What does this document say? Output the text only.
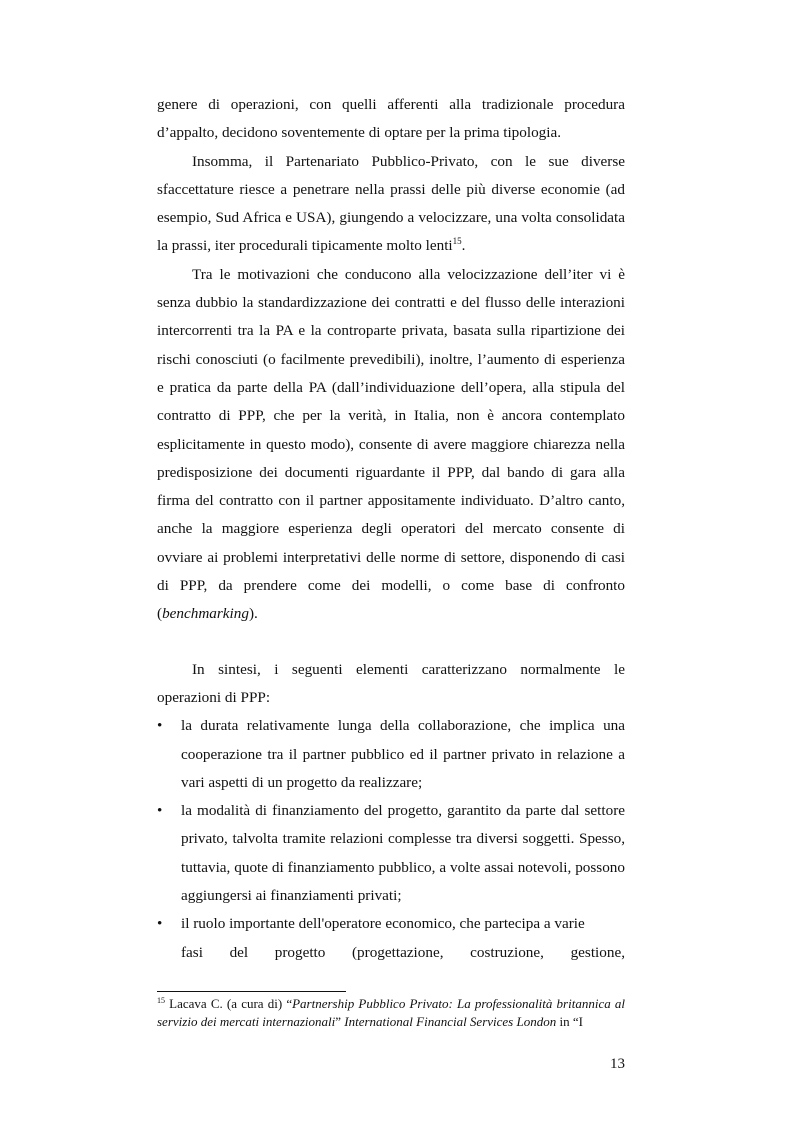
genere di operazioni, con quelli afferenti alla tradizionale procedura d’appalto, decidono soventemente di optare per la prima tipologia.

Insomma, il Partenariato Pubblico-Privato, con le sue diverse sfaccettature riesce a penetrare nella prassi delle più diverse economie (ad esempio, Sud Africa e USA), giungendo a velocizzare, una volta consolidata la prassi, iter procedurali tipicamente molto lenti$^{15}$.

Tra le motivazioni che conducono alla velocizzazione dell’iter vi è senza dubbio la standardizzazione dei contratti e del flusso delle interazioni intercorrenti tra la PA e la controparte privata, basata sulla ripartizione dei rischi conosciuti (o facilmente prevedibili), inoltre, l’aumento di esperienza e pratica da parte della PA (dall’individuazione dell’opera, alla stipula del contratto di PPP, che per la verità, in Italia, non è ancora contemplato esplicitamente in questo modo), consente di avere maggiore chiarezza nella predisposizione dei documenti riguardante il PPP, dal bando di gara alla firma del contratto con il partner appositamente individuato. D’altro canto, anche la maggiore esperienza degli operatori del mercato consente di ovviare ai problemi interpretativi delle norme di settore, disponendo di casi di PPP, da prendere come dei modelli, o come base di confronto (benchmarking).

In sintesi, i seguenti elementi caratterizzano normalmente le operazioni di PPP:

•	la durata relativamente lunga della collaborazione, che implica una cooperazione tra il partner pubblico ed il partner privato in relazione a vari aspetti di un progetto da realizzare;
•	la modalità di finanziamento del progetto, garantito da parte dal settore privato, talvolta tramite relazioni complesse tra diversi soggetti. Spesso, tuttavia, quote di finanziamento pubblico, a volte assai notevoli, possono aggiungersi ai finanziamenti privati;
•	il ruolo importante dell'operatore economico, che partecipa a varie
fasi del progetto (progettazione, costruzione, gestione,

$^{15}$ Lacava C. (a cura di) “Partnership Pubblico Privato: La professionalità britannica al servizio dei mercati internazionali” International Financial Services London in “I

13
